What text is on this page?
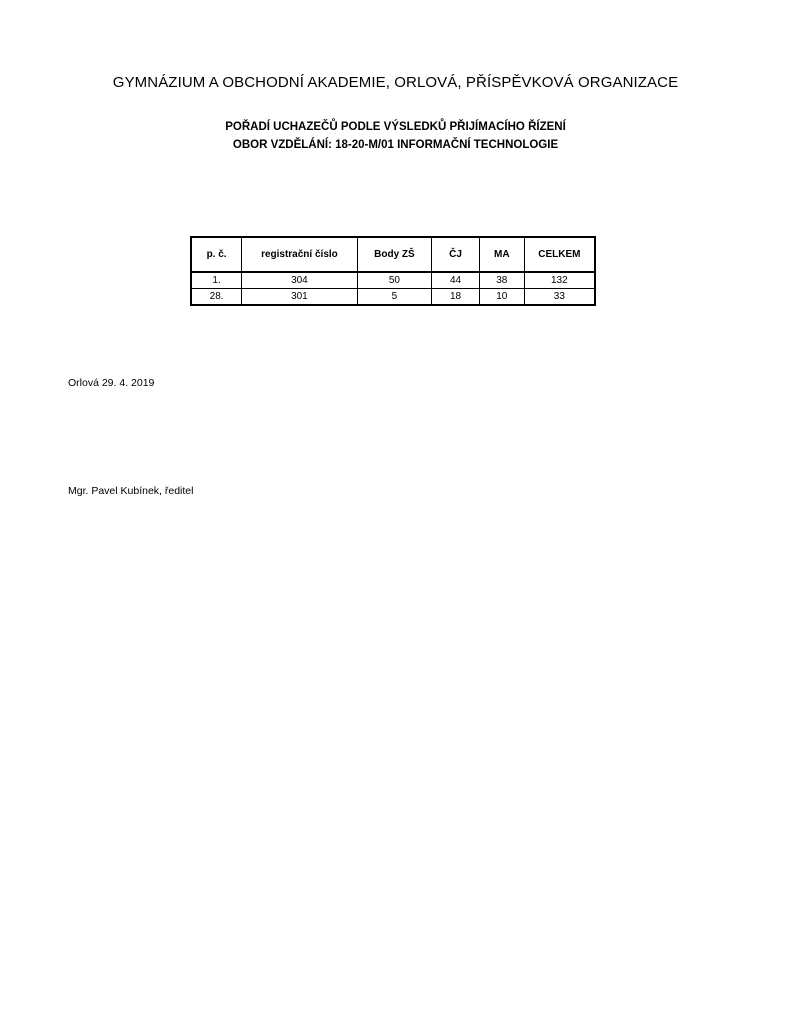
GYMNÁZIUM A OBCHODNÍ AKADEMIE, ORLOVÁ, PŘÍSPĚVKOVÁ ORGANIZACE
POŘADÍ UCHAZEČŮ PODLE VÝSLEDKŮ PŘIJÍMACÍHO ŘÍZENÍ
OBOR VZDĚLÁNÍ: 18-20-M/01 INFORMAČNÍ TECHNOLOGIE
p. č.	registrační číslo	Body ZŠ	ČJ	MA	CELKEM
1.	304	50	44	38	132
28.	301	5	18	10	33
Orlová 29. 4. 2019
Mgr. Pavel Kubínek, ředitel
